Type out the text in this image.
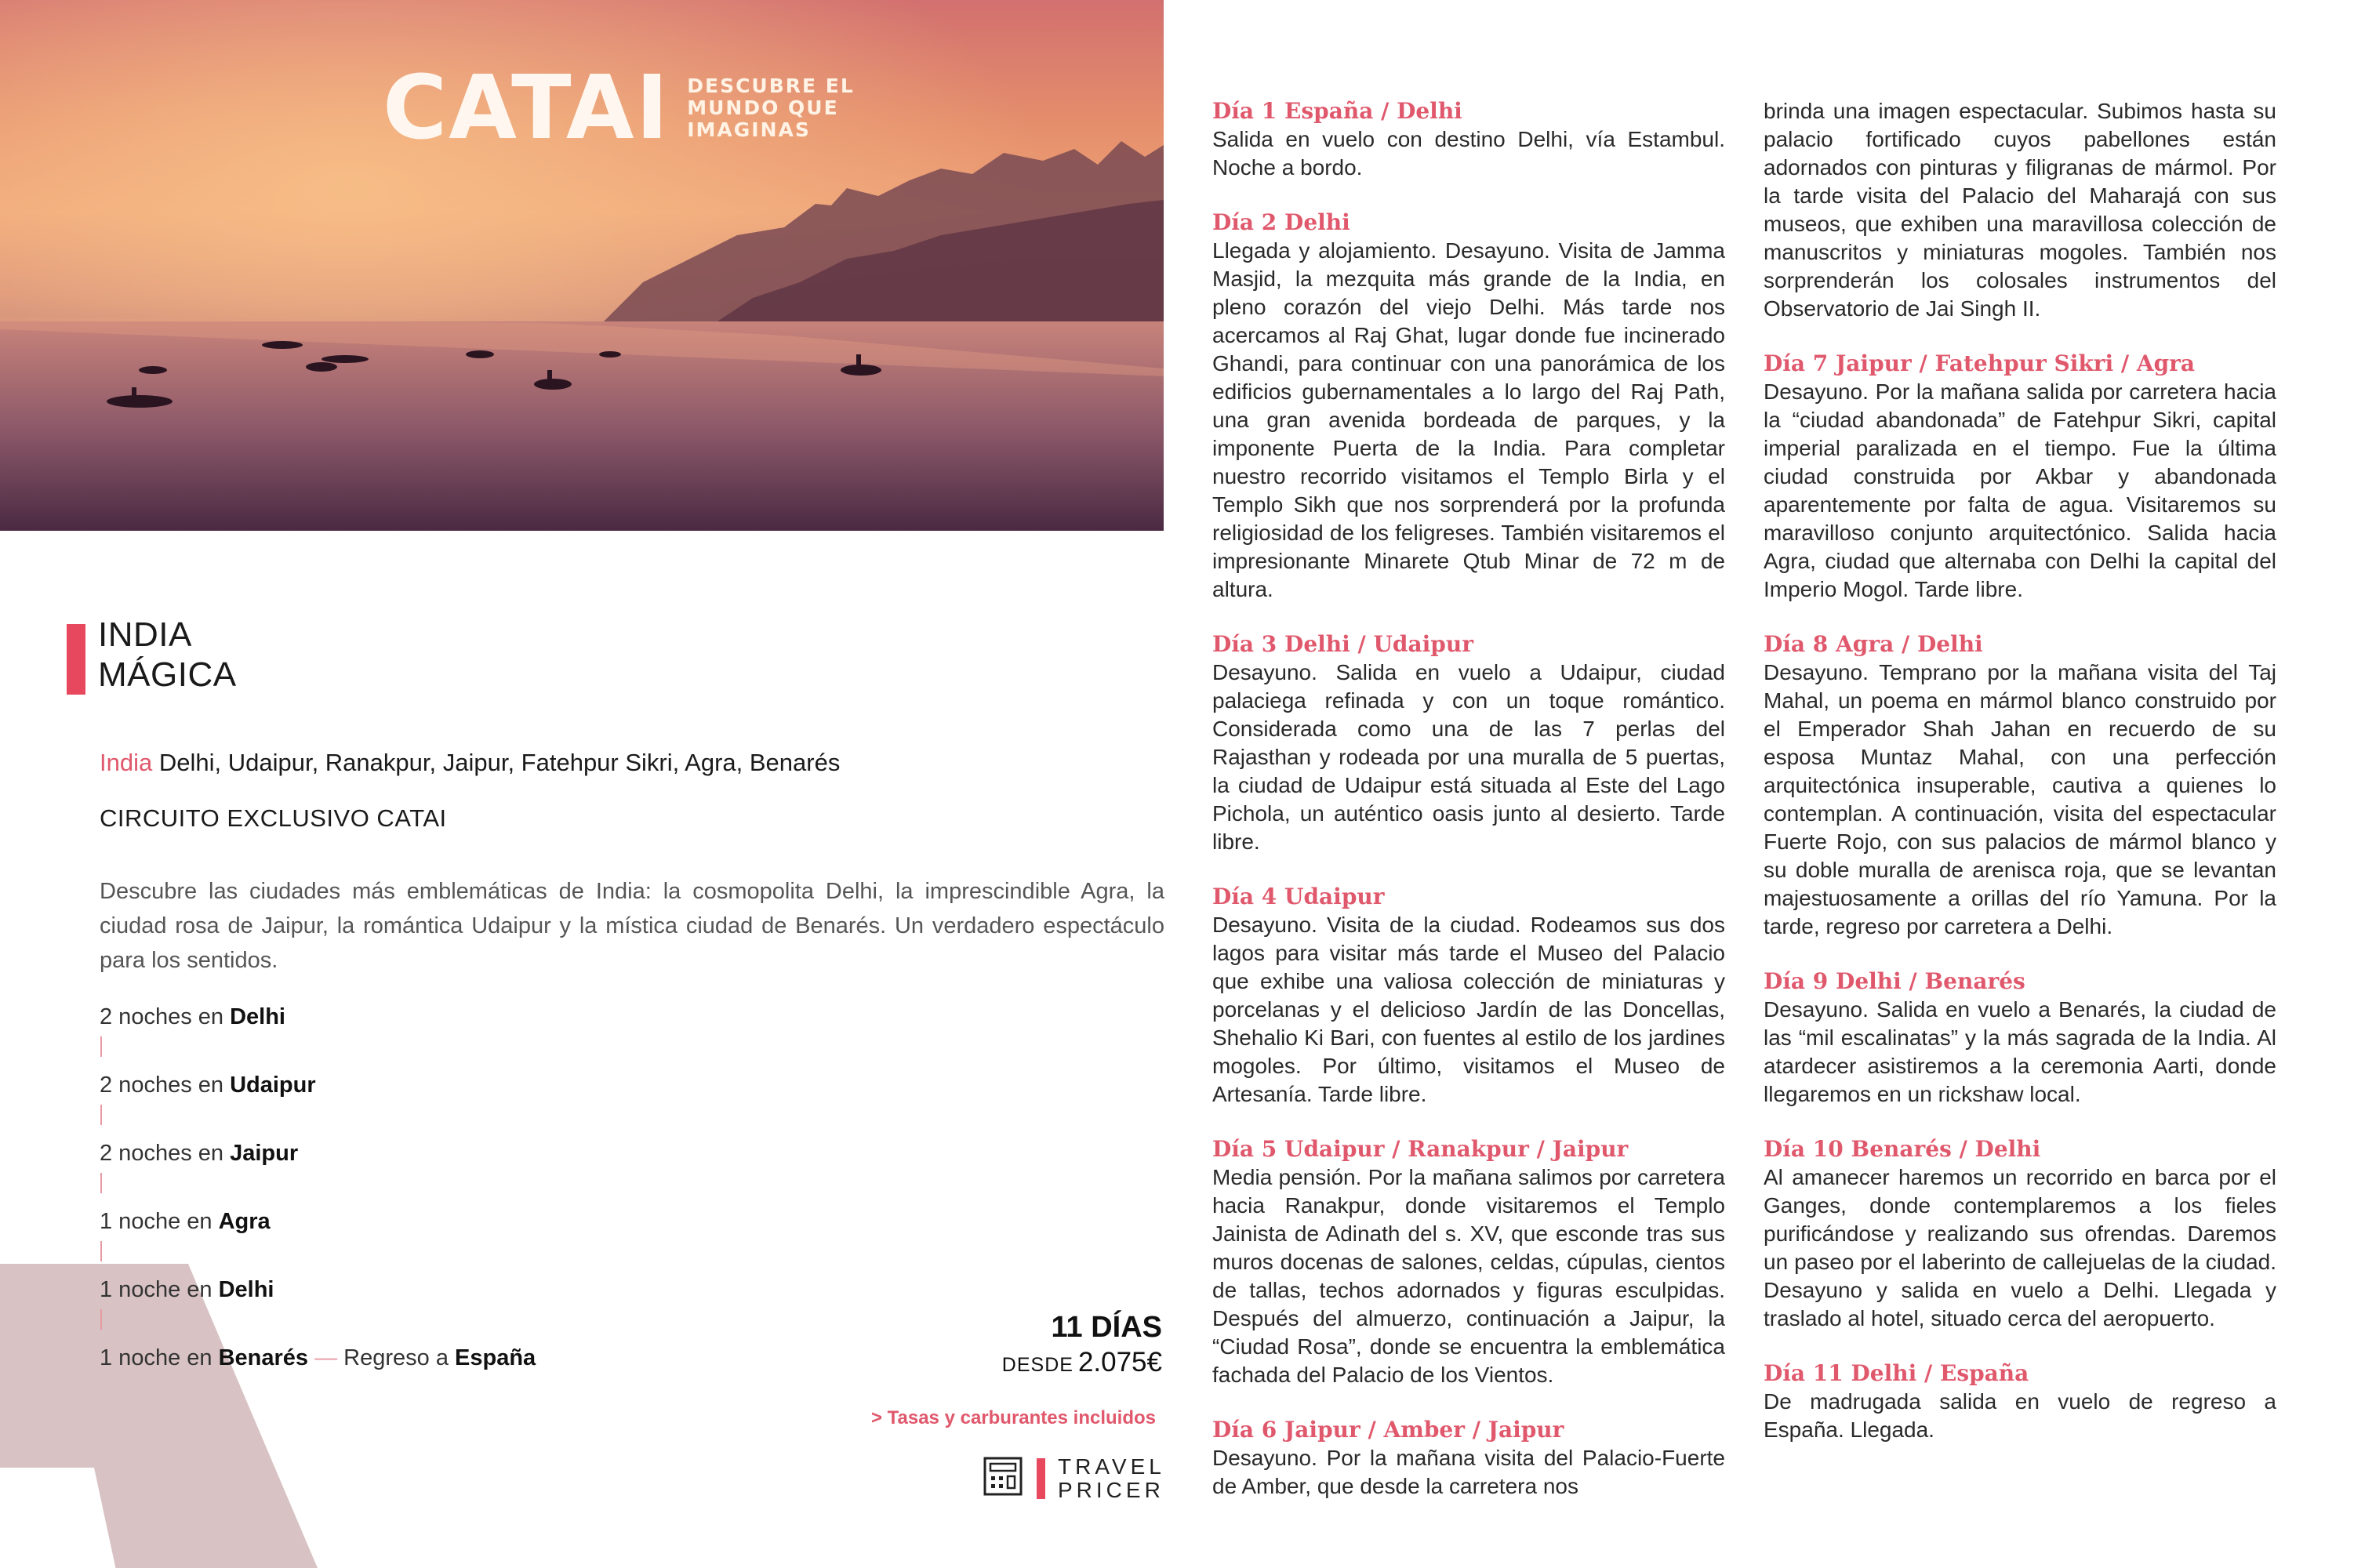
CATAI DESCUBRE EL
MUNDO QUE
IMAGINAS
INDIA
MÁGICA
India Delhi, Udaipur, Ranakpur, Jaipur, Fatehpur Sikri, Agra, Benarés
CIRCUITO EXCLUSIVO CATAI
Descubre las ciudades más emblemáticas de India: la cosmopolita Delhi, la imprescindible Agra, la ciudad rosa de Jaipur, la romántica Udaipur y la mística ciudad de Benarés. Un verdadero espectáculo para los sentidos.
2 noches en Delhi
2 noches en Udaipur
2 noches en Jaipur
1 noche en Agra
1 noche en Delhi
1 noche en Benarés — Regreso a España
11 DÍAS
DESDE 2.075€
> Tasas y carburantes incluidos
TRAVEL
PRICER
Día 1 España / Delhi
Salida en vuelo con destino Delhi, vía Estambul. Noche a bordo.
Día 2 Delhi
Llegada y alojamiento. Desayuno. Visita de Jamma Masjid, la mezquita más grande de la India, en pleno corazón del viejo Delhi. Más tarde nos acercamos al Raj Ghat, lugar donde fue incinerado Ghandi, para continuar con una panorámica de los edificios gubernamentales a lo largo del Raj Path, una gran avenida bordeada de parques, y la imponente Puerta de la India. Para completar nuestro recorrido visitamos el Templo Birla y el Templo Sikh que nos sorprenderá por la profunda religiosidad de los feligreses. También visitaremos el impresionante Minarete Qtub Minar de 72 m de altura.
Día 3 Delhi / Udaipur
Desayuno. Salida en vuelo a Udaipur, ciudad palaciega refinada y con un toque romántico. Considerada como una de las 7 perlas del Rajasthan y rodeada por una muralla de 5 puertas, la ciudad de Udaipur está situada al Este del Lago Pichola, un auténtico oasis junto al desierto. Tarde libre.
Día 4 Udaipur
Desayuno. Visita de la ciudad. Rodeamos sus dos lagos para visitar más tarde el Museo del Palacio que exhibe una valiosa colección de miniaturas y porcelanas y el delicioso Jardín de las Doncellas, Shehalio Ki Bari, con fuentes al estilo de los jardines mogoles. Por último, visitamos el Museo de Artesanía. Tarde libre.
Día 5 Udaipur / Ranakpur / Jaipur
Media pensión. Por la mañana salimos por carretera hacia Ranakpur, donde visitaremos el Templo Jainista de Adinath del s. XV, que esconde tras sus muros docenas de salones, celdas, cúpulas, cientos de tallas, techos adornados y figuras esculpidas. Después del almuerzo, continuación a Jaipur, la “Ciudad Rosa”, donde se encuentra la emblemática fachada del Palacio de los Vientos.
Día 6 Jaipur / Amber / Jaipur
Desayuno. Por la mañana visita del Palacio-Fuerte de Amber, que desde la carretera nos
brinda una imagen espectacular. Subimos hasta su palacio fortificado cuyos pabellones están adornados con pinturas y filigranas de mármol. Por la tarde visita del Palacio del Maharajá con sus museos, que exhiben una maravillosa colección de manuscritos y miniaturas mogoles. También nos sorprenderán los colosales instrumentos del Observatorio de Jai Singh II.
Día 7 Jaipur / Fatehpur Sikri / Agra
Desayuno. Por la mañana salida por carretera hacia la “ciudad abandonada” de Fatehpur Sikri, capital imperial paralizada en el tiempo. Fue la última ciudad construida por Akbar y abandonada aparentemente por falta de agua. Visitaremos su maravilloso conjunto arquitectónico. Salida hacia Agra, ciudad que alternaba con Delhi la capital del Imperio Mogol. Tarde libre.
Día 8 Agra / Delhi
Desayuno. Temprano por la mañana visita del Taj Mahal, un poema en mármol blanco construido por el Emperador Shah Jahan en recuerdo de su esposa Muntaz Mahal, con una perfección arquitectónica insuperable, cautiva a quienes lo contemplan. A continuación, visita del espectacular Fuerte Rojo, con sus palacios de mármol blanco y su doble muralla de arenisca roja, que se levantan majestuosamente a orillas del río Yamuna. Por la tarde, regreso por carretera a Delhi.
Día 9 Delhi / Benarés
Desayuno. Salida en vuelo a Benarés, la ciudad de las “mil escalinatas” y la más sagrada de la India. Al atardecer asistiremos a la ceremonia Aarti, donde llegaremos en un rickshaw local.
Día 10 Benarés / Delhi
Al amanecer haremos un recorrido en barca por el Ganges, donde contemplaremos a los fieles purificándose y realizando sus ofrendas. Daremos un paseo por el laberinto de callejuelas de la ciudad. Desayuno y salida en vuelo a Delhi. Llegada y traslado al hotel, situado cerca del aeropuerto.
Día 11 Delhi / España
De madrugada salida en vuelo de regreso a España. Llegada.
